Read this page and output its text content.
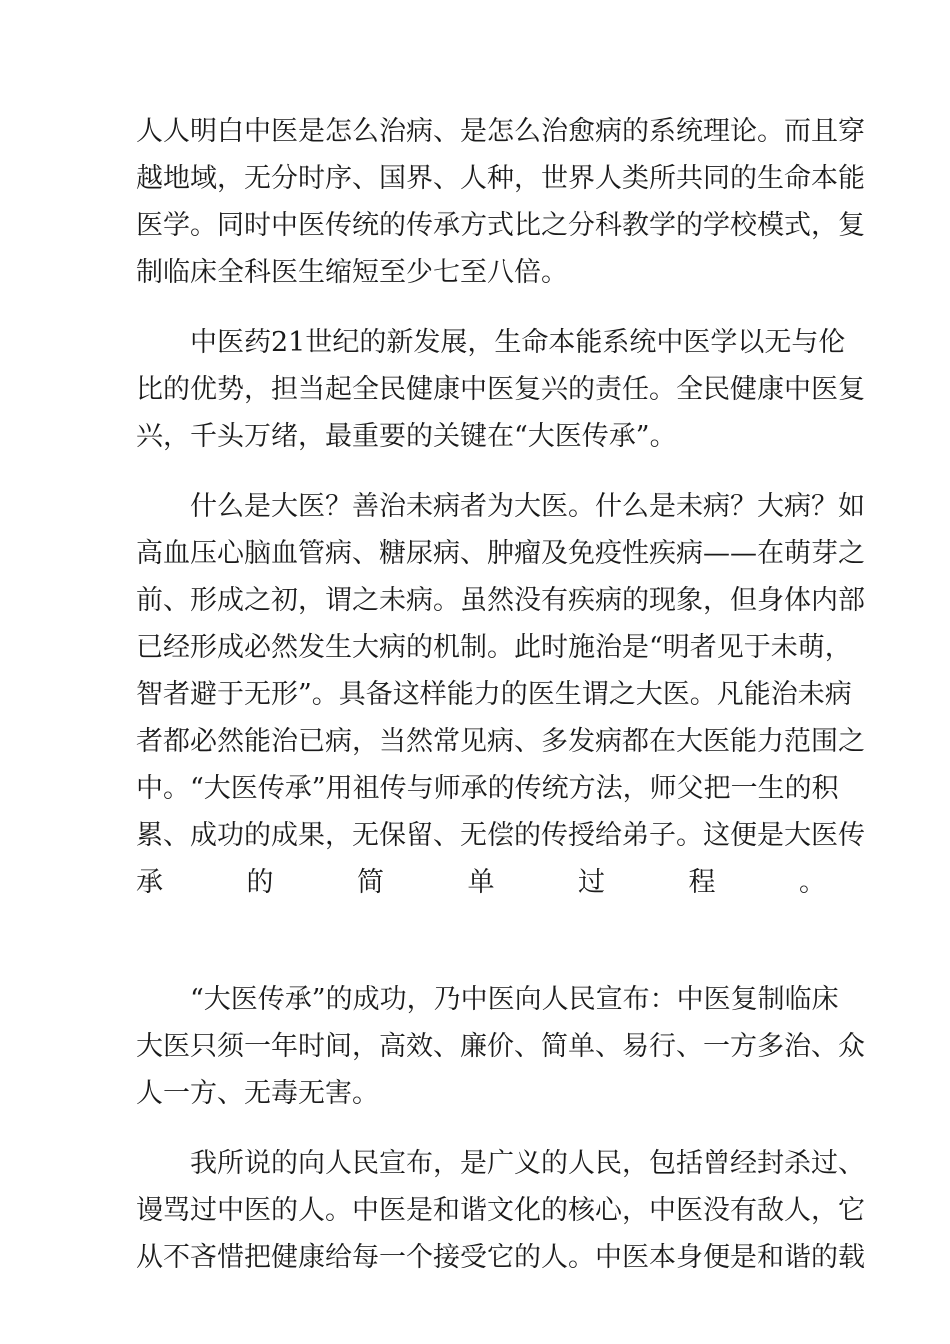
人人明白中医是怎么治病、是怎么治愈病的系统理论。而且穿
越地域，无分时序、国界、人种，世界人类所共同的生命本能
医学。同时中医传统的传承方式比之分科教学的学校模式，复
制临床全科医生缩短至少七至八倍。
中医药21世纪的新发展，生命本能系统中医学以无与伦
比的优势，担当起全民健康中医复兴的责任。全民健康中医复
兴，千头万绪，最重要的关键在“大医传承”。
什么是大医？善治未病者为大医。什么是未病？大病？如
高血压心脑血管病、糖尿病、肿瘤及免疫性疾病——在萌芽之
前、形成之初，谓之未病。虽然没有疾病的现象，但身体内部
已经形成必然发生大病的机制。此时施治是“明者见于未萌，
智者避于无形”。具备这样能力的医生谓之大医。凡能治未病
者都必然能治已病，当然常见病、多发病都在大医能力范围之
中。“大医传承”用祖传与师承的传统方法，师父把一生的积
累、成功的成果，无保留、无偿的传授给弟子。这便是大医传
承的简单过程。
“大医传承”的成功，乃中医向人民宣布：中医复制临床
大医只须一年时间，高效、廉价、简单、易行、一方多治、众
人一方、无毒无害。
我所说的向人民宣布，是广义的人民，包括曾经封杀过、
谩骂过中医的人。中医是和谐文化的核心，中医没有敌人，它
从不吝惜把健康给每一个接受它的人。中医本身便是和谐的载
